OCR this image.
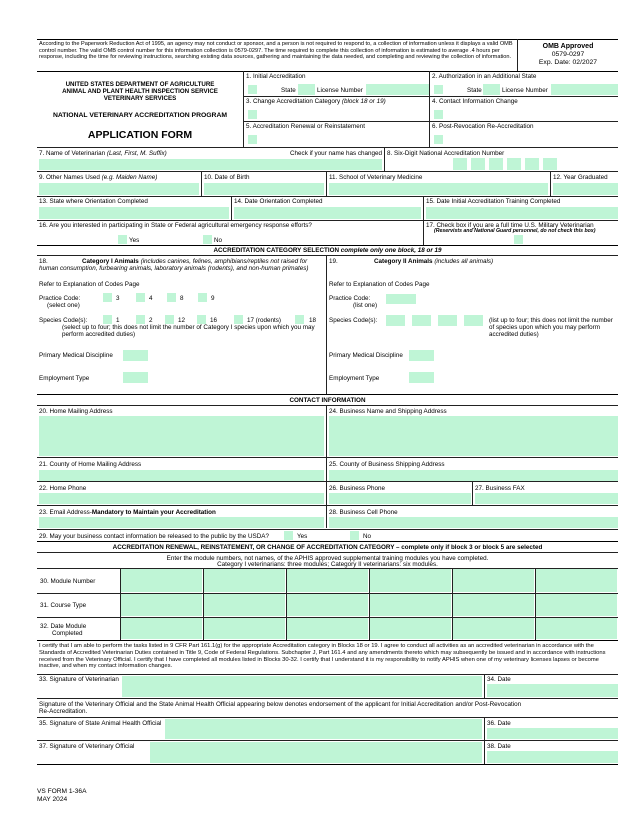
According to the Paperwork Reduction Act of 1995, an agency may not conduct or sponsor, and a person is not required to respond to, a collection of information unless it displays a valid OMB control number. The valid OMB control number for this information collection is 0579-0297. The time required to complete this collection of information is estimated to average .4 hours per response, including the time for reviewing instructions, searching existing data sources, gathering and maintaining the data needed, and completing and reviewing the collection of information.
OMB Approved
0579-0297
Exp. Date: 02/2027
UNITED STATES DEPARTMENT OF AGRICULTURE
ANIMAL AND PLANT HEALTH INSPECTION SERVICE
VETERINARY SERVICES
NATIONAL VETERINARY ACCREDITATION PROGRAM
APPLICATION FORM
1. Initial Accreditation
State	License Number
2. Authorization in an Additional State
State	License Number
3. Change Accreditation Category (block 18 or 19)	4. Contact Information Change
5. Accreditation Renewal or Reinstatement	6. Post-Revocation Re-Accreditation
7. Name of Veterinarian (Last, First, M. Suffix)	Check if your name has changed 8. Six-Digit National Accreditation Number
9. Other Names Used (e.g. Maiden Name)	10. Date of Birth	11. School of Veterinary Medicine	12. Year Graduated
13. State where Orientation Completed	14. Date Orientation Completed	15. Date Initial Accreditation Training Completed
16. Are you interested in participating in State or Federal agricultural emergency response efforts?
Yes	No
17. Check box if you are a full time U.S. Military Veterinarian
(Reservists and National Guard personnel, do not check this box)
ACCREDITATION CATEGORY SELECTION complete only one block, 18 or 19
18.	Category I Animals (includes canines, felines, amphibians/reptiles not raised for
human consumption, furbearing animals, laboratory animals (rodents), and non-human primates)
Refer to Explanation of Codes Page
Practice Code:
(select one)
3	4	8	9
Species Code(s):	1	2	12	16	17 (rodents)	18
(select up to four; this does not limit the number of Category I species upon which you may
perform accredited duties)
Primary Medical Discipline
Employment Type
19.	Category II Animals (includes all animals)
Refer to Explanation of Codes Page
Practice Code:
(list one)
Species Code(s):	(list up to four; this does not limit the number
of species upon which you may perform
accredited duties)
Primary Medical Discipline
Employment Type
CONTACT INFORMATION
20. Home Mailing Address	24. Business Name and Shipping Address
21. County of Home Mailing Address	25. County of Business Shipping Address
22. Home Phone	26. Business Phone	27. Business FAX
23. Email Address-Mandatory to Maintain your Accreditation	28. Business Cell Phone
29. May your business contact information be released to the public by the USDA?	Yes	No
ACCREDITATION RENEWAL, REINSTATEMENT, OR CHANGE OF ACCREDITATION CATEGORY – complete only if block 3 or block 5 are selected
Enter the module numbers, not names, of the APHIS approved supplemental training modules you have completed.
Category I veterinarians: three modules; Category II veterinarians: six modules.
30. Module Number
31. Course Type
32. Date Module
Completed
I certify that I am able to perform the tasks listed in 9 CFR Part 161.1(g) for the appropriate Accreditation category in Blocks 18 or 19. I agree to conduct all activities as an accredited veterinarian in accordance with the Standards of Accredited Veterinarian Duties contained in Title 9, Code of Federal Regulations. Subchapter J, Part 161.4 and any amendments thereto which may subsequently be issued and in accordance with instructions received from the Veterinary Official. I certify that I have completed all modules listed in Blocks 30-32. I certify that I understand it is my responsibility to notify APHIS when one of my veterinary licenses lapses or become inactive, and when my contact information changes.
33. Signature of Veterinarian	34. Date
Signature of the Veterinary Official and the State Animal Health Official appearing below denotes endorsement of the applicant for Initial Accreditation and/or Post-Revocation
Re-Accreditation.
35. Signature of State Animal Health Official	36. Date
37. Signature of Veterinary Official	38. Date
VS FORM 1-36A
MAY 2024
